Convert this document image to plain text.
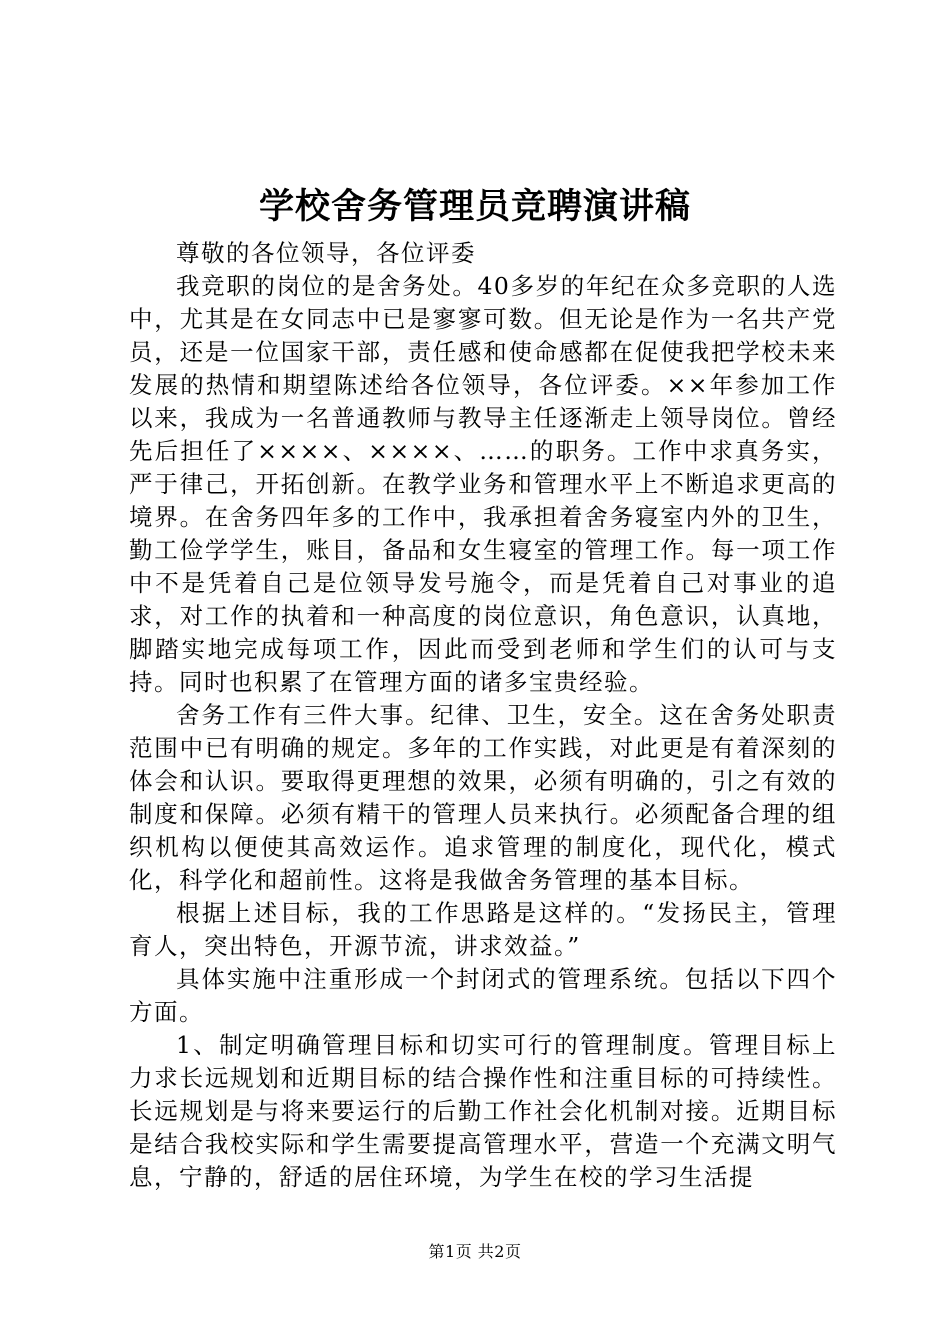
学校舍务管理员竞聘演讲稿

尊敬的各位领导，各位评委

我竞职的岗位的是舍务处。40多岁的年纪在众多竞职的人选中，尤其是在女同志中已是寥寥可数。但无论是作为一名共产党员，还是一位国家干部，责任感和使命感都在促使我把学校未来发展的热情和期望陈述给各位领导，各位评委。××年参加工作以来，我成为一名普通教师与教导主任逐渐走上领导岗位。曾经先后担任了××××、××××、……的职务。工作中求真务实，严于律己，开拓创新。在教学业务和管理水平上不断追求更高的境界。在舍务四年多的工作中，我承担着舍务寝室内外的卫生，勤工俭学学生，账目，备品和女生寝室的管理工作。每一项工作中不是凭着自己是位领导发号施令，而是凭着自己对事业的追求，对工作的执着和一种高度的岗位意识，角色意识，认真地，脚踏实地完成每项工作，因此而受到老师和学生们的认可与支持。同时也积累了在管理方面的诸多宝贵经验。

舍务工作有三件大事。纪律、卫生，安全。这在舍务处职责范围中已有明确的规定。多年的工作实践，对此更是有着深刻的体会和认识。要取得更理想的效果，必须有明确的，引之有效的制度和保障。必须有精干的管理人员来执行。必须配备合理的组织机构以便使其高效运作。追求管理的制度化，现代化，模式化，科学化和超前性。这将是我做舍务管理的基本目标。

根据上述目标，我的工作思路是这样的。“发扬民主，管理育人，突出特色，开源节流，讲求效益。”

具体实施中注重形成一个封闭式的管理系统。包括以下四个方面。

1、制定明确管理目标和切实可行的管理制度。管理目标上力求长远规划和近期目标的结合操作性和注重目标的可持续性。长远规划是与将来要运行的后勤工作社会化机制对接。近期目标是结合我校实际和学生需要提高管理水平，营造一个充满文明气息，宁静的，舒适的居住环境，为学生在校的学习生活提

第1页 共2页
